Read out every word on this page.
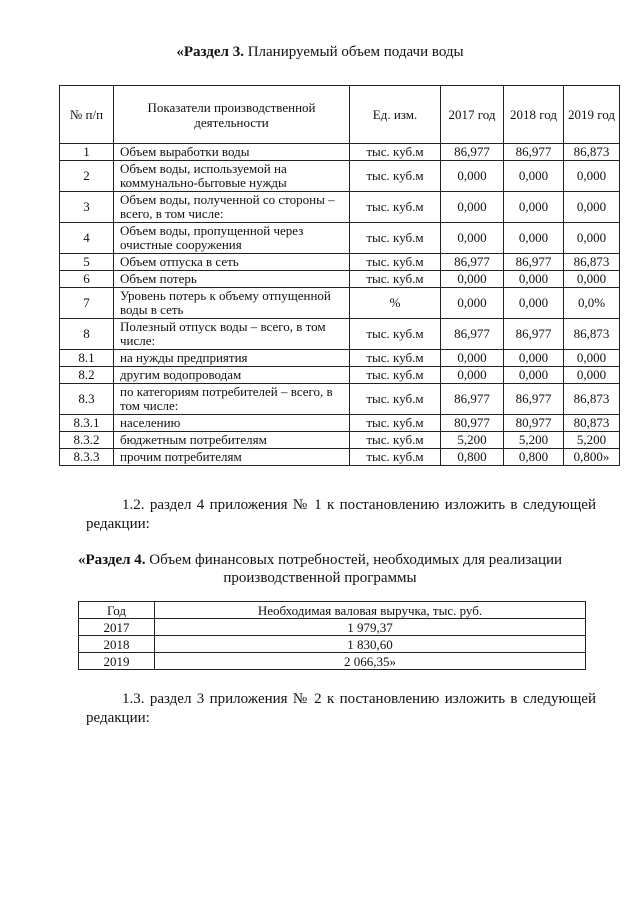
«Раздел 3. Планируемый объем подачи воды
№ п/п	Показатели производственной деятельности	Ед. изм.	2017 год	2018 год	2019 год
1	Объем выработки воды	тыс. куб.м	86,977	86,977	86,873
2	Объем воды, используемой на коммунально-бытовые нужды	тыс. куб.м	0,000	0,000	0,000
3	Объем воды, полученной со стороны – всего, в том числе:	тыс. куб.м	0,000	0,000	0,000
4	Объем воды, пропущенной через очистные сооружения	тыс. куб.м	0,000	0,000	0,000
5	Объем отпуска в сеть	тыс. куб.м	86,977	86,977	86,873
6	Объем потерь	тыс. куб.м	0,000	0,000	0,000
7	Уровень потерь к объему отпущенной воды в сеть	%	0,000	0,000	0,0%
8	Полезный отпуск воды – всего, в том числе:	тыс. куб.м	86,977	86,977	86,873
8.1	на нужды предприятия	тыс. куб.м	0,000	0,000	0,000
8.2	другим водопроводам	тыс. куб.м	0,000	0,000	0,000
8.3	по категориям потребителей – всего, в том числе:	тыс. куб.м	86,977	86,977	86,873
8.3.1	населению	тыс. куб.м	80,977	80,977	80,873
8.3.2	бюджетным потребителям	тыс. куб.м	5,200	5,200	5,200
8.3.3	прочим потребителям	тыс. куб.м	0,800	0,800	0,800»
1.2. раздел 4 приложения № 1 к постановлению изложить в следующей редакции:
«Раздел 4. Объем финансовых потребностей, необходимых для реализации
производственной программы
Год	Необходимая валовая выручка, тыс. руб.
2017	1 979,37
2018	1 830,60
2019	2 066,35»
1.3. раздел 3 приложения № 2 к постановлению изложить в следующей редакции:
